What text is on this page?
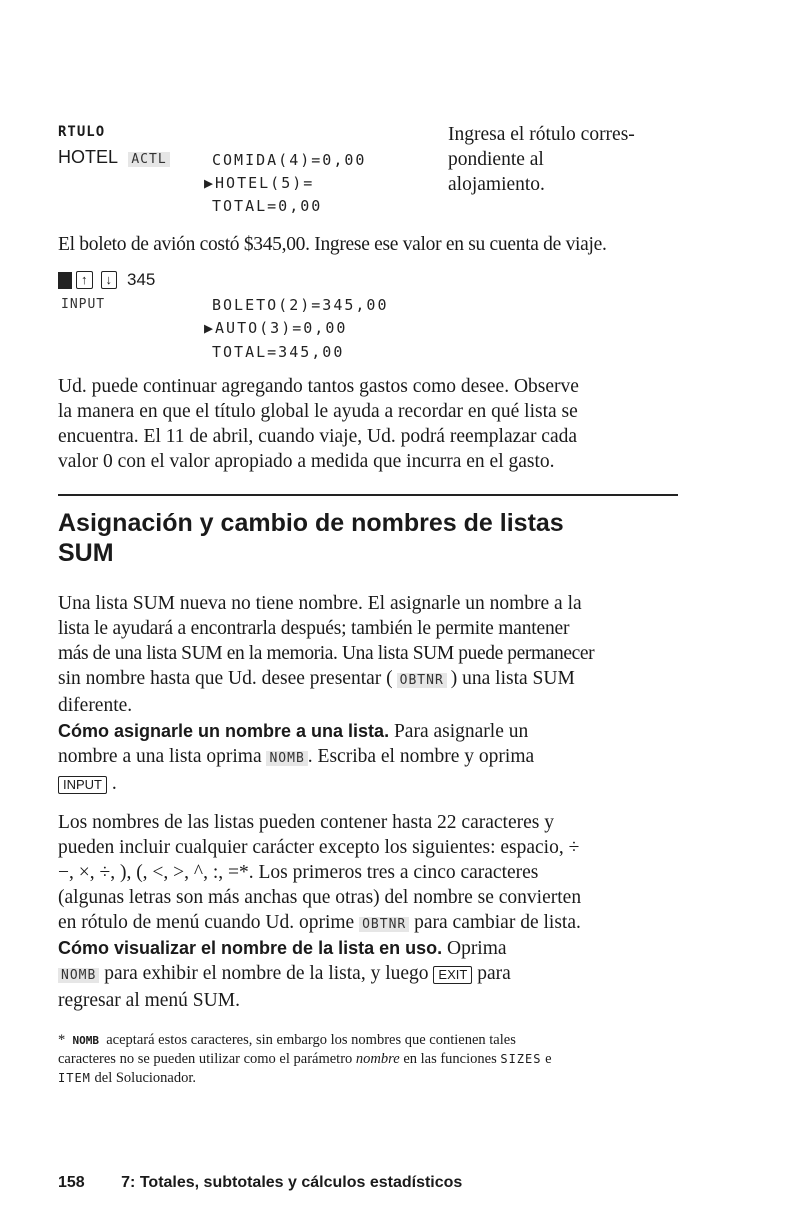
RTULO
HOTEL ACTL	COMIDA(4)=0,00
▶HOTEL(5)=
TOTAL=0,00
Ingresa el rótulo corres-
pondiente al
alojamiento.
El boleto de avión costó $345,00. Ingrese ese valor en su cuenta de viaje.
↑	↓ 345
INPUT	BOLETO(2)=345,00
▶AUTO(3)=0,00
TOTAL=345,00
Ud. puede continuar agregando tantos gastos como desee. Observe
la manera en que el título global le ayuda a recordar en qué lista se
encuentra. El 11 de abril, cuando viaje, Ud. podrá reemplazar cada
valor 0 con el valor apropiado a medida que incurra en el gasto.
Asignación y cambio de nombres de listas
SUM
Una lista SUM nueva no tiene nombre. El asignarle un nombre a la
lista le ayudará a encontrarla después; también le permite mantener
más de una lista SUM en la memoria. Una lista SUM puede permanecer
sin nombre hasta que Ud. desee presentar ( OBTNR ) una lista SUM
diferente.
Cómo asignarle un nombre a una lista. Para asignarle un
nombre a una lista oprima NOMB . Escriba el nombre y oprima
INPUT .
Los nombres de las listas pueden contener hasta 22 caracteres y
pueden incluir cualquier carácter excepto los siguientes: espacio, ÷
−, ×, ÷, ), (, <, >, ^, :, =*. Los primeros tres a cinco caracteres
(algunas letras son más anchas que otras) del nombre se convierten
en rótulo de menú cuando Ud. oprime OBTNR para cambiar de lista.
Cómo visualizar el nombre de la lista en uso. Oprima
NOMB para exhibir el nombre de la lista, y luego EXIT para
regresar al menú SUM.
* NOMB aceptará estos caracteres, sin embargo los nombres que contienen tales
caracteres no se pueden utilizar como el parámetro nombre en las funciones SIZES e
ITEM del Solucionador.
158 7: Totales, subtotales y cálculos estadísticos
